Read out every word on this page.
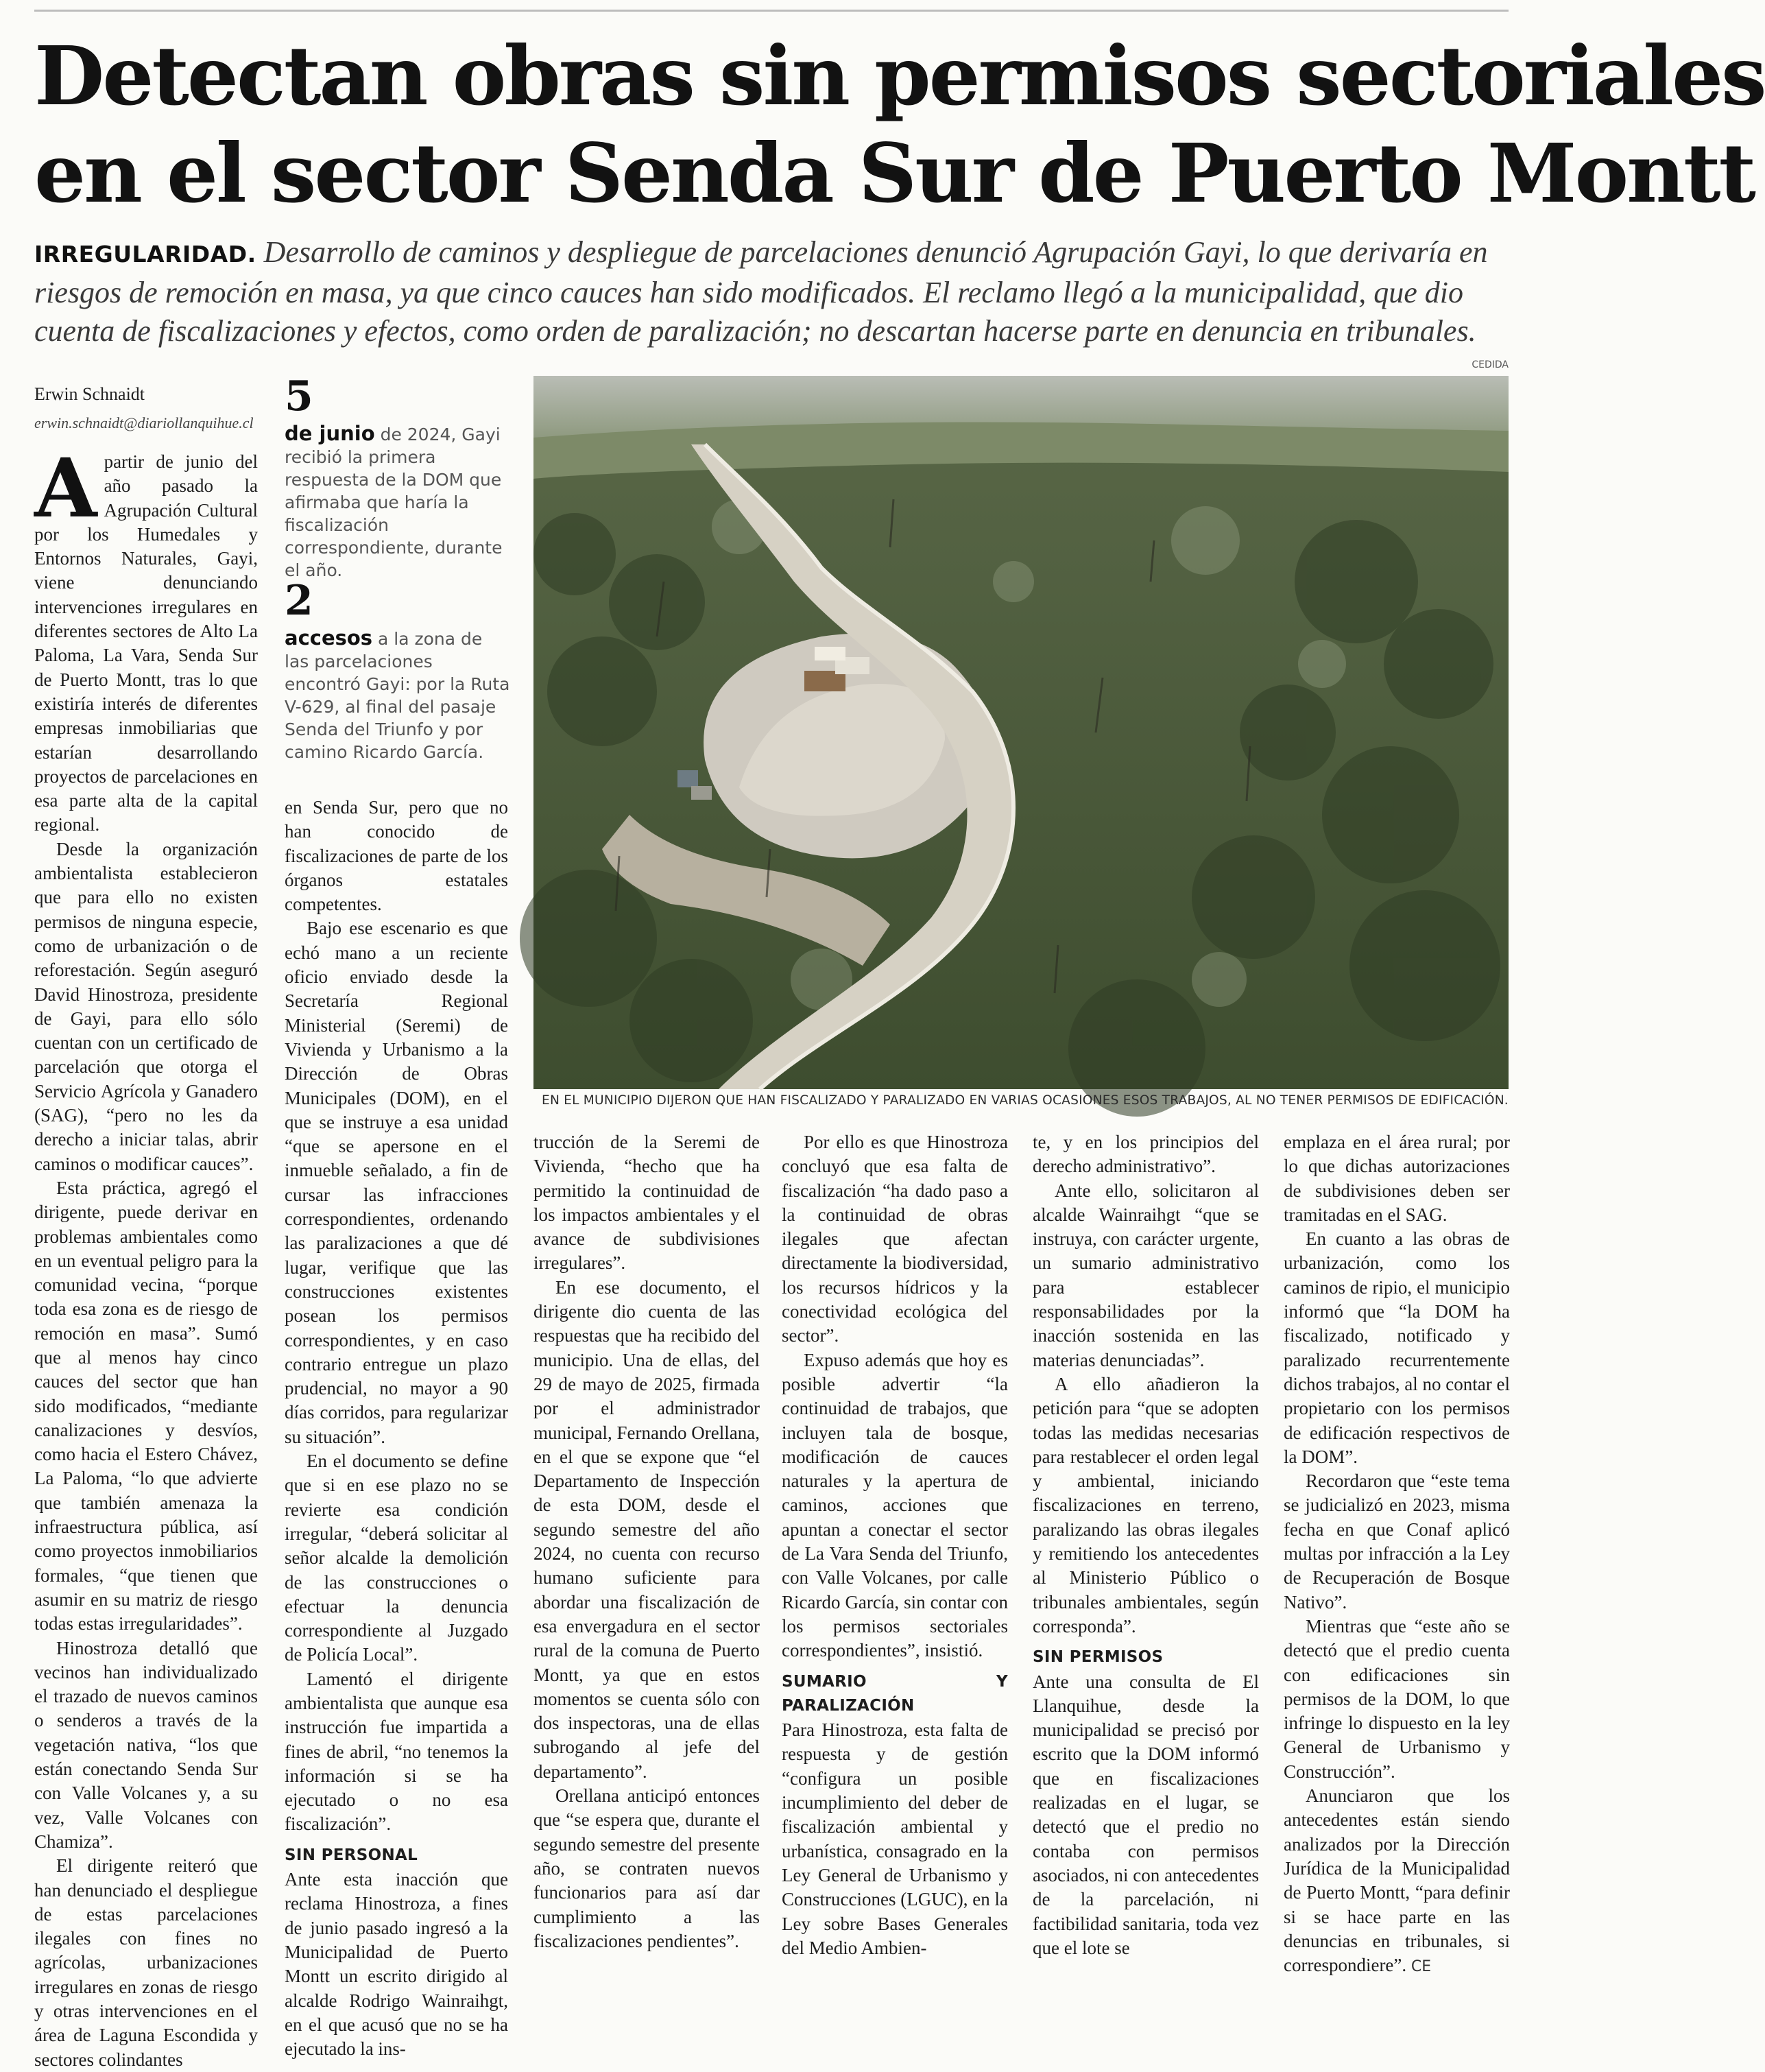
Detectan obras sin permisos sectoriales
en el sector Senda Sur de Puerto Montt
IRREGULARIDAD. Desarrollo de caminos y despliegue de parcelaciones denunció Agrupación Gayi, lo que derivaría en riesgos de remoción en masa, ya que cinco cauces han sido modificados. El reclamo llegó a la municipalidad, que dio cuenta de fiscalizaciones y efectos, como orden de paralización; no descartan hacerse parte en denuncia en tribunales.
Erwin Schnaidt
erwin.schnaidt@diariollanquihue.cl

Apartir de junio del año pasado la Agrupación Cultural por los Humedales y Entornos Naturales, Gayi, viene denunciando intervenciones irregulares en diferentes sectores de Alto La Paloma, La Vara, Senda Sur de Puerto Montt, tras lo que existiría interés de diferentes empresas inmobiliarias que estarían desarrollando proyectos de parcelaciones en esa parte alta de la capital regional.

Desde la organización ambientalista establecieron que para ello no existen permisos de ninguna especie, como de urbanización o de reforestación. Según aseguró David Hinostroza, presidente de Gayi, para ello sólo cuentan con un certificado de parcelación que otorga el Servicio Agrícola y Ganadero (SAG), “pero no les da derecho a iniciar talas, abrir caminos o modificar cauces”.

Esta práctica, agregó el dirigente, puede derivar en problemas ambientales como en un eventual peligro para la comunidad vecina, “porque toda esa zona es de riesgo de remoción en masa”. Sumó que al menos hay cinco cauces del sector que han sido modificados, “mediante canalizaciones y desvíos, como hacia el Estero Chávez, La Paloma, “lo que advierte que también amenaza la infraestructura pública, así como proyectos inmobiliarios formales, “que tienen que asumir en su matriz de riesgo todas estas irregularidades”.

Hinostroza detalló que vecinos han individualizado el trazado de nuevos caminos o senderos a través de la vegetación nativa, “los que están conectando Senda Sur con Valle Volcanes y, a su vez, Valle Volcanes con Chamiza”.

El dirigente reiteró que han denunciado el despliegue de estas parcelaciones ilegales con fines no agrícolas, urbanizaciones irregulares en zonas de riesgo y otras intervenciones en el área de Laguna Escondida y sectores colindantes

5
de junio de 2024, Gayi recibió la primera respuesta de la DOM que afirmaba que haría la fiscalización correspondiente, durante el año.
2
accesos a la zona de las parcelaciones encontró Gayi: por la Ruta V-629, al final del pasaje Senda del Triunfo y por camino Ricardo García.

en Senda Sur, pero que no han conocido de fiscalizaciones de parte de los órganos estatales competentes.

Bajo ese escenario es que echó mano a un reciente oficio enviado desde la Secretaría Regional Ministerial (Seremi) de Vivienda y Urbanismo a la Dirección de Obras Municipales (DOM), en el que se instruye a esa unidad “que se apersone en el inmueble señalado, a fin de cursar las infracciones correspondientes, ordenando las paralizaciones a que dé lugar, verifique que las construcciones existentes posean los permisos correspondientes, y en caso contrario entregue un plazo prudencial, no mayor a 90 días corridos, para regularizar su situación”.

En el documento se define que si en ese plazo no se revierte esa condición irregular, “deberá solicitar al señor alcalde la demolición de las construcciones o efectuar la denuncia correspondiente al Juzgado de Policía Local”.

Lamentó el dirigente ambientalista que aunque esa instrucción fue impartida a fines de abril, “no tenemos la información si se ha ejecutado o no esa fiscalización”.

SIN PERSONAL

Ante esta inacción que reclama Hinostroza, a fines de junio pasado ingresó a la Municipalidad de Puerto Montt un escrito dirigido al alcalde Rodrigo Wainraihgt, en el que acusó que no se ha ejecutado la ins-

CEDIDA
EN EL MUNICIPIO DIJERON QUE HAN FISCALIZADO Y PARALIZADO EN VARIAS OCASIONES ESOS TRABAJOS, AL NO TENER PERMISOS DE EDIFICACIÓN.

trucción de la Seremi de Vivienda, “hecho que ha permitido la continuidad de los impactos ambientales y el avance de subdivisiones irregulares”.

En ese documento, el dirigente dio cuenta de las respuestas que ha recibido del municipio. Una de ellas, del 29 de mayo de 2025, firmada por el administrador municipal, Fernando Orellana, en el que se expone que “el Departamento de Inspección de esta DOM, desde el segundo semestre del año 2024, no cuenta con recurso humano suficiente para abordar una fiscalización de esa envergadura en el sector rural de la comuna de Puerto Montt, ya que en estos momentos se cuenta sólo con dos inspectoras, una de ellas subrogando al jefe del departamento”.

Orellana anticipó entonces que “se espera que, durante el segundo semestre del presente año, se contraten nuevos funcionarios para así dar cumplimiento a las fiscalizaciones pendientes”.

Por ello es que Hinostroza concluyó que esa falta de fiscalización “ha dado paso a la continuidad de obras ilegales que afectan directamente la biodiversidad, los recursos hídricos y la conectividad ecológica del sector”.

Expuso además que hoy es posible advertir “la continuidad de trabajos, que incluyen tala de bosque, modificación de cauces naturales y la apertura de caminos, acciones que apuntan a conectar el sector de La Vara Senda del Triunfo, con Valle Volcanes, por calle Ricardo García, sin contar con los permisos sectoriales correspondientes”, insistió.

SUMARIO Y PARALIZACIÓN

Para Hinostroza, esta falta de respuesta y de gestión “configura un posible incumplimiento del deber de fiscalización ambiental y urbanística, consagrado en la Ley General de Urbanismo y Construcciones (LGUC), en la Ley sobre Bases Generales del Medio Ambien-

te, y en los principios del derecho administrativo”.

Ante ello, solicitaron al alcalde Wainraihgt “que se instruya, con carácter urgente, un sumario administrativo para establecer responsabilidades por la inacción sostenida en las materias denunciadas”.

A ello añadieron la petición para “que se adopten todas las medidas necesarias para restablecer el orden legal y ambiental, iniciando fiscalizaciones en terreno, paralizando las obras ilegales y remitiendo los antecedentes al Ministerio Público o tribunales ambientales, según corresponda”.

SIN PERMISOS

Ante una consulta de El Llanquihue, desde la municipalidad se precisó por escrito que la DOM informó que en fiscalizaciones realizadas en el lugar, se detectó que el predio no contaba con permisos asociados, ni con antecedentes de la parcelación, ni factibilidad sanitaria, toda vez que el lote se

emplaza en el área rural; por lo que dichas autorizaciones de subdivisiones deben ser tramitadas en el SAG.

En cuanto a las obras de urbanización, como los caminos de ripio, el municipio informó que “la DOM ha fiscalizado, notificado y paralizado recurrentemente dichos trabajos, al no contar el propietario con los permisos de edificación respectivos de la DOM”.

Recordaron que “este tema se judicializó en 2023, misma fecha en que Conaf aplicó multas por infracción a la Ley de Recuperación de Bosque Nativo”.

Mientras que “este año se detectó que el predio cuenta con edificaciones sin permisos de la DOM, lo que infringe lo dispuesto en la ley General de Urbanismo y Construcción”.

Anunciaron que los antecedentes están siendo analizados por la Dirección Jurídica de la Municipalidad de Puerto Montt, “para definir si se hace parte en las denuncias en tribunales, si correspondiere”. CE
